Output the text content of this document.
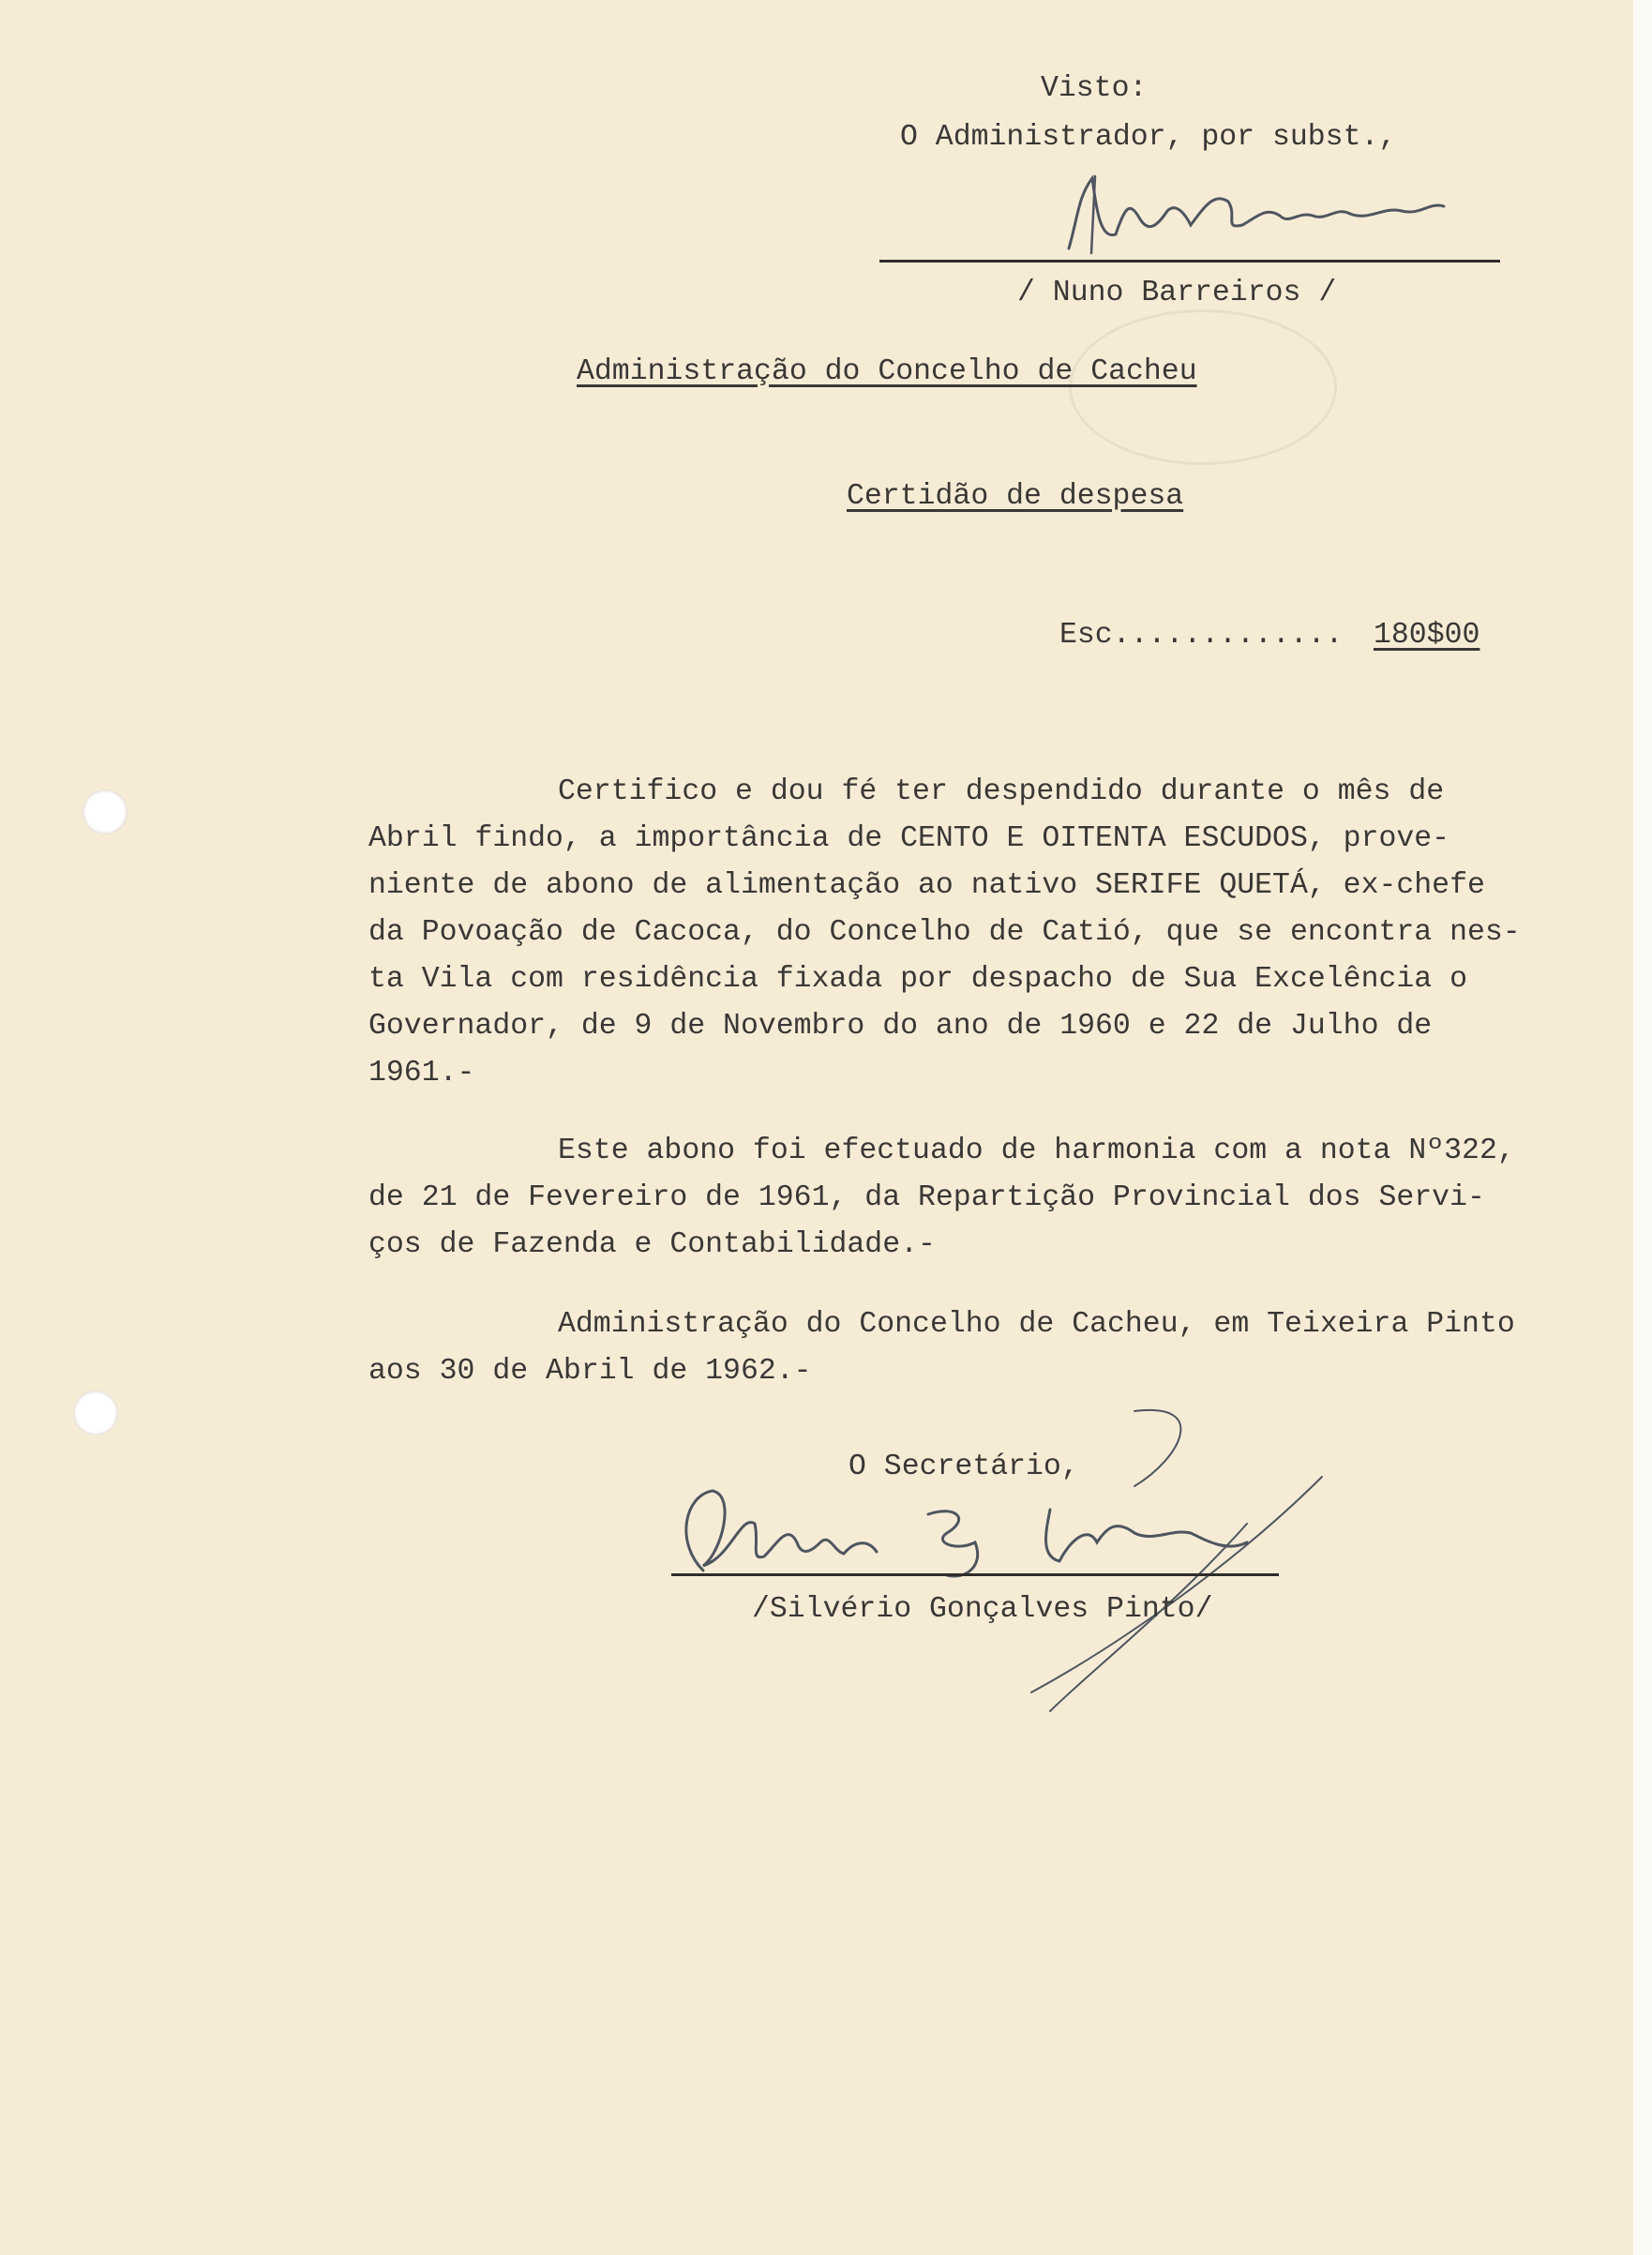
Visto:

O Administrador, por subst.,

/ Nuno Barreiros /

Administração do Concelho de Cacheu

Certidão de despesa

Esc............. 180$00

Certifico e dou fé ter despendido durante o mês de

Abril findo, a importância de CENTO E OITENTA ESCUDOS, prove-

niente de abono de alimentação ao nativo SERIFE QUETÁ, ex-chefe

da Povoação de Cacoca, do Concelho de Catió, que se encontra nes-

ta Vila com residência fixada por despacho de Sua Excelência o

Governador, de 9 de Novembro do ano de 1960 e 22 de Julho de

1961.-

Este abono foi efectuado de harmonia com a nota Nº322,

de 21 de Fevereiro de 1961, da Repartição Provincial dos Servi-

ços de Fazenda e Contabilidade.-

Administração do Concelho de Cacheu, em Teixeira Pinto

aos 30 de Abril de 1962.-

O Secretário,

/Silvério Gonçalves Pinto/
